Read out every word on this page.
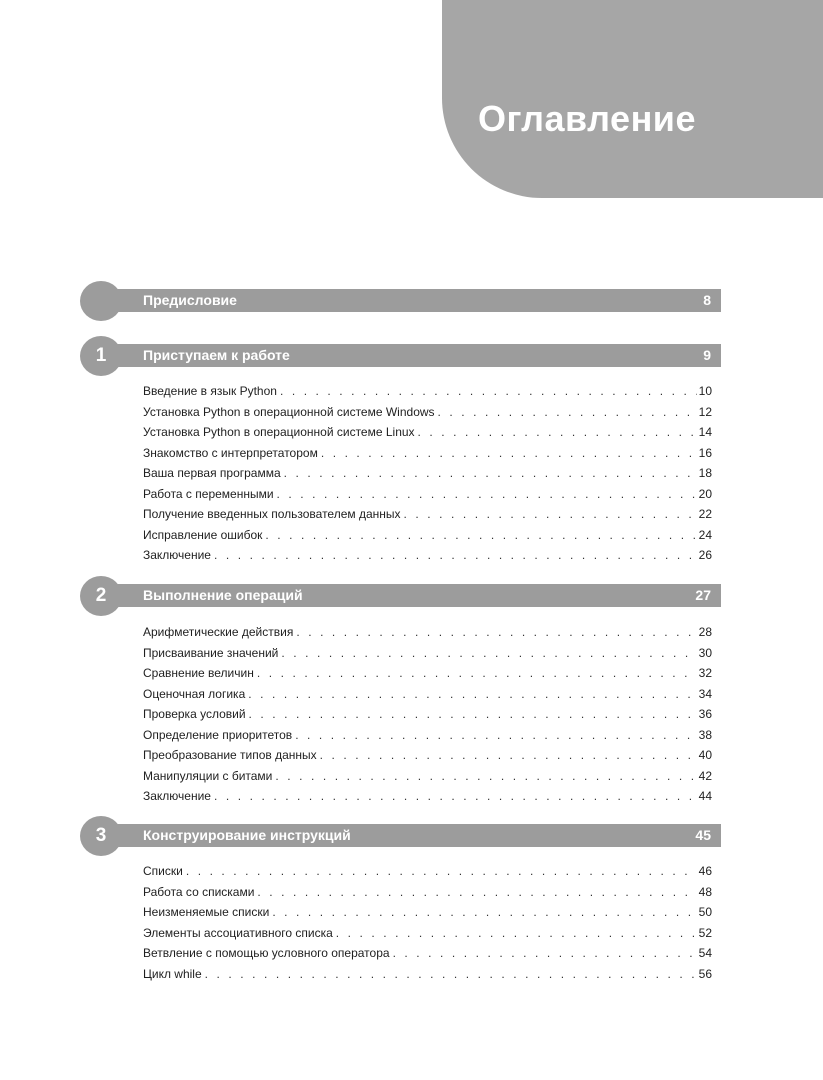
Оглавление
Предисловие	8
1	Приступаем к работе	9
Введение в язык Python . . .	10
Установка Python в операционной системе Windows . . .	12
Установка Python в операционной системе Linux . . .	14
Знакомство с интерпретатором . . .	16
Ваша первая программа . . .	18
Работа с переменными . . .	20
Получение введенных пользователем данных . . .	22
Исправление ошибок . . .	24
Заключение . . .	26
2	Выполнение операций	27
Арифметические действия . . .	28
Присваивание значений . . .	30
Сравнение величин . . .	32
Оценочная логика . . .	34
Проверка условий . . .	36
Определение приоритетов . . .	38
Преобразование типов данных . . .	40
Манипуляции с битами . . .	42
Заключение . . .	44
3	Конструирование инструкций	45
Списки . . .	46
Работа со списками . . .	48
Неизменяемые списки . . .	50
Элементы ассоциативного списка . . .	52
Ветвление с помощью условного оператора . . .	54
Цикл while . . .	56
